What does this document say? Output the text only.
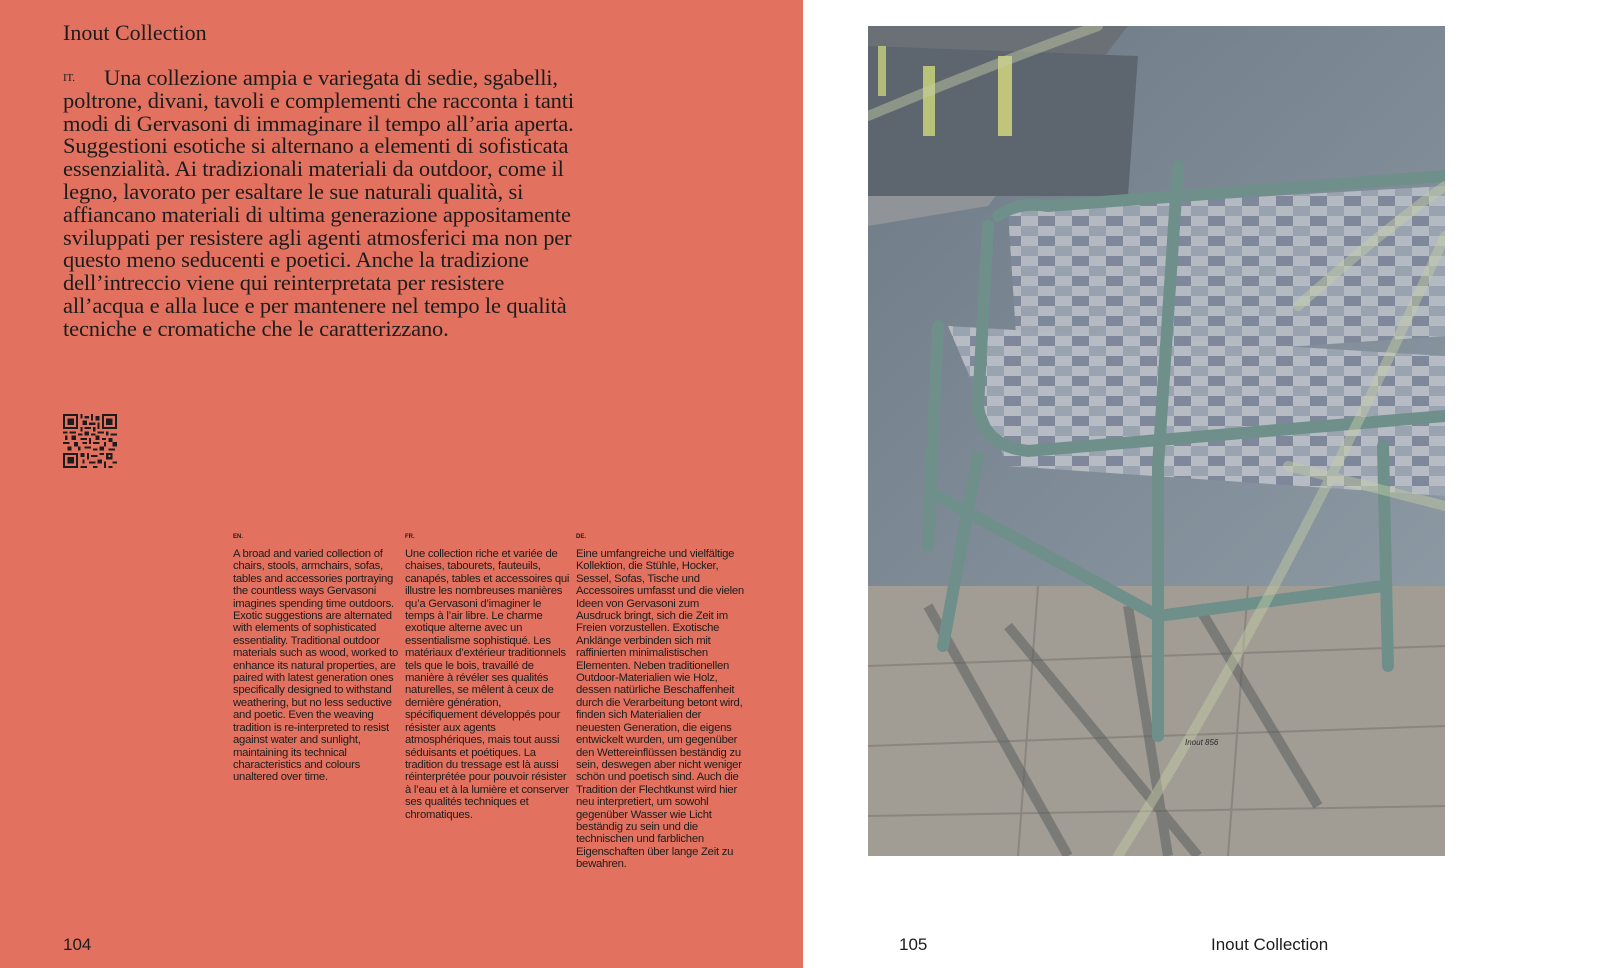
Inout Collection

IT. Una collezione ampia e variegata di sedie, sgabelli, poltrone, divani, tavoli e complementi che racconta i tanti modi di Gervasoni di immaginare il tempo all’aria aperta. Suggestioni esotiche si alternano a elementi di sofisticata essenzialità. Ai tradizionali materiali da outdoor, come il legno, lavorato per esaltare le sue naturali qualità, si affiancano materiali di ultima generazione appositamente sviluppati per resistere agli agenti atmosferici ma non per questo meno seducenti e poetici. Anche la tradizione dell’intreccio viene qui reinterpretata per resistere all’acqua e alla luce e per mantenere nel tempo le qualità tecniche e cromatiche che le caratterizzano.

EN.

A broad and varied collection of chairs, stools, armchairs, sofas, tables and accessories portraying the countless ways Gervasoni imagines spending time outdoors. Exotic suggestions are alternated with elements of sophisticated essentiality. Traditional outdoor materials such as wood, worked to enhance its natural properties, are paired with latest generation ones specifically designed to withstand weathering, but no less seductive and poetic. Even the weaving tradition is re-interpreted to resist against water and sunlight, maintaining its technical characteristics and colours unaltered over time.

FR.

Une collection riche et variée de chaises, tabourets, fauteuils, canapés, tables et accessoires qui illustre les nombreuses manières qu’a Gervasoni d’imaginer le temps à l’air libre. Le charme exotique alterne avec un essentialisme sophistiqué. Les matériaux d’extérieur traditionnels tels que le bois, travaillé de manière à révéler ses qualités naturelles, se mêlent à ceux de dernière génération, spécifiquement développés pour résister aux agents atmosphériques, mais tout aussi séduisants et poétiques. La tradition du tressage est là aussi réinterprétée pour pouvoir résister à l’eau et à la lumière et conserver ses qualités techniques et chromatiques.

DE.

Eine umfangreiche und vielfältige Kollektion, die Stühle, Hocker, Sessel, Sofas, Tische und Accessoires umfasst und die vielen Ideen von Gervasoni zum Ausdruck bringt, sich die Zeit im Freien vorzustellen. Exotische Anklänge verbinden sich mit raffinierten minimalistischen Elementen. Neben traditionellen Outdoor-Materialien wie Holz, dessen natürliche Beschaffenheit durch die Verarbeitung betont wird, finden sich Materialien der neuesten Generation, die eigens entwickelt wurden, um gegenüber den Wettereinflüssen beständig zu sein, deswegen aber nicht weniger schön und poetisch sind. Auch die Tradition der Flechtkunst wird hier neu interpretiert, um sowohl gegenüber Wasser wie Licht beständig zu sein und die technischen und farblichen Eigenschaften über lange Zeit zu bewahren.

104
Inout 856
105	Inout Collection
